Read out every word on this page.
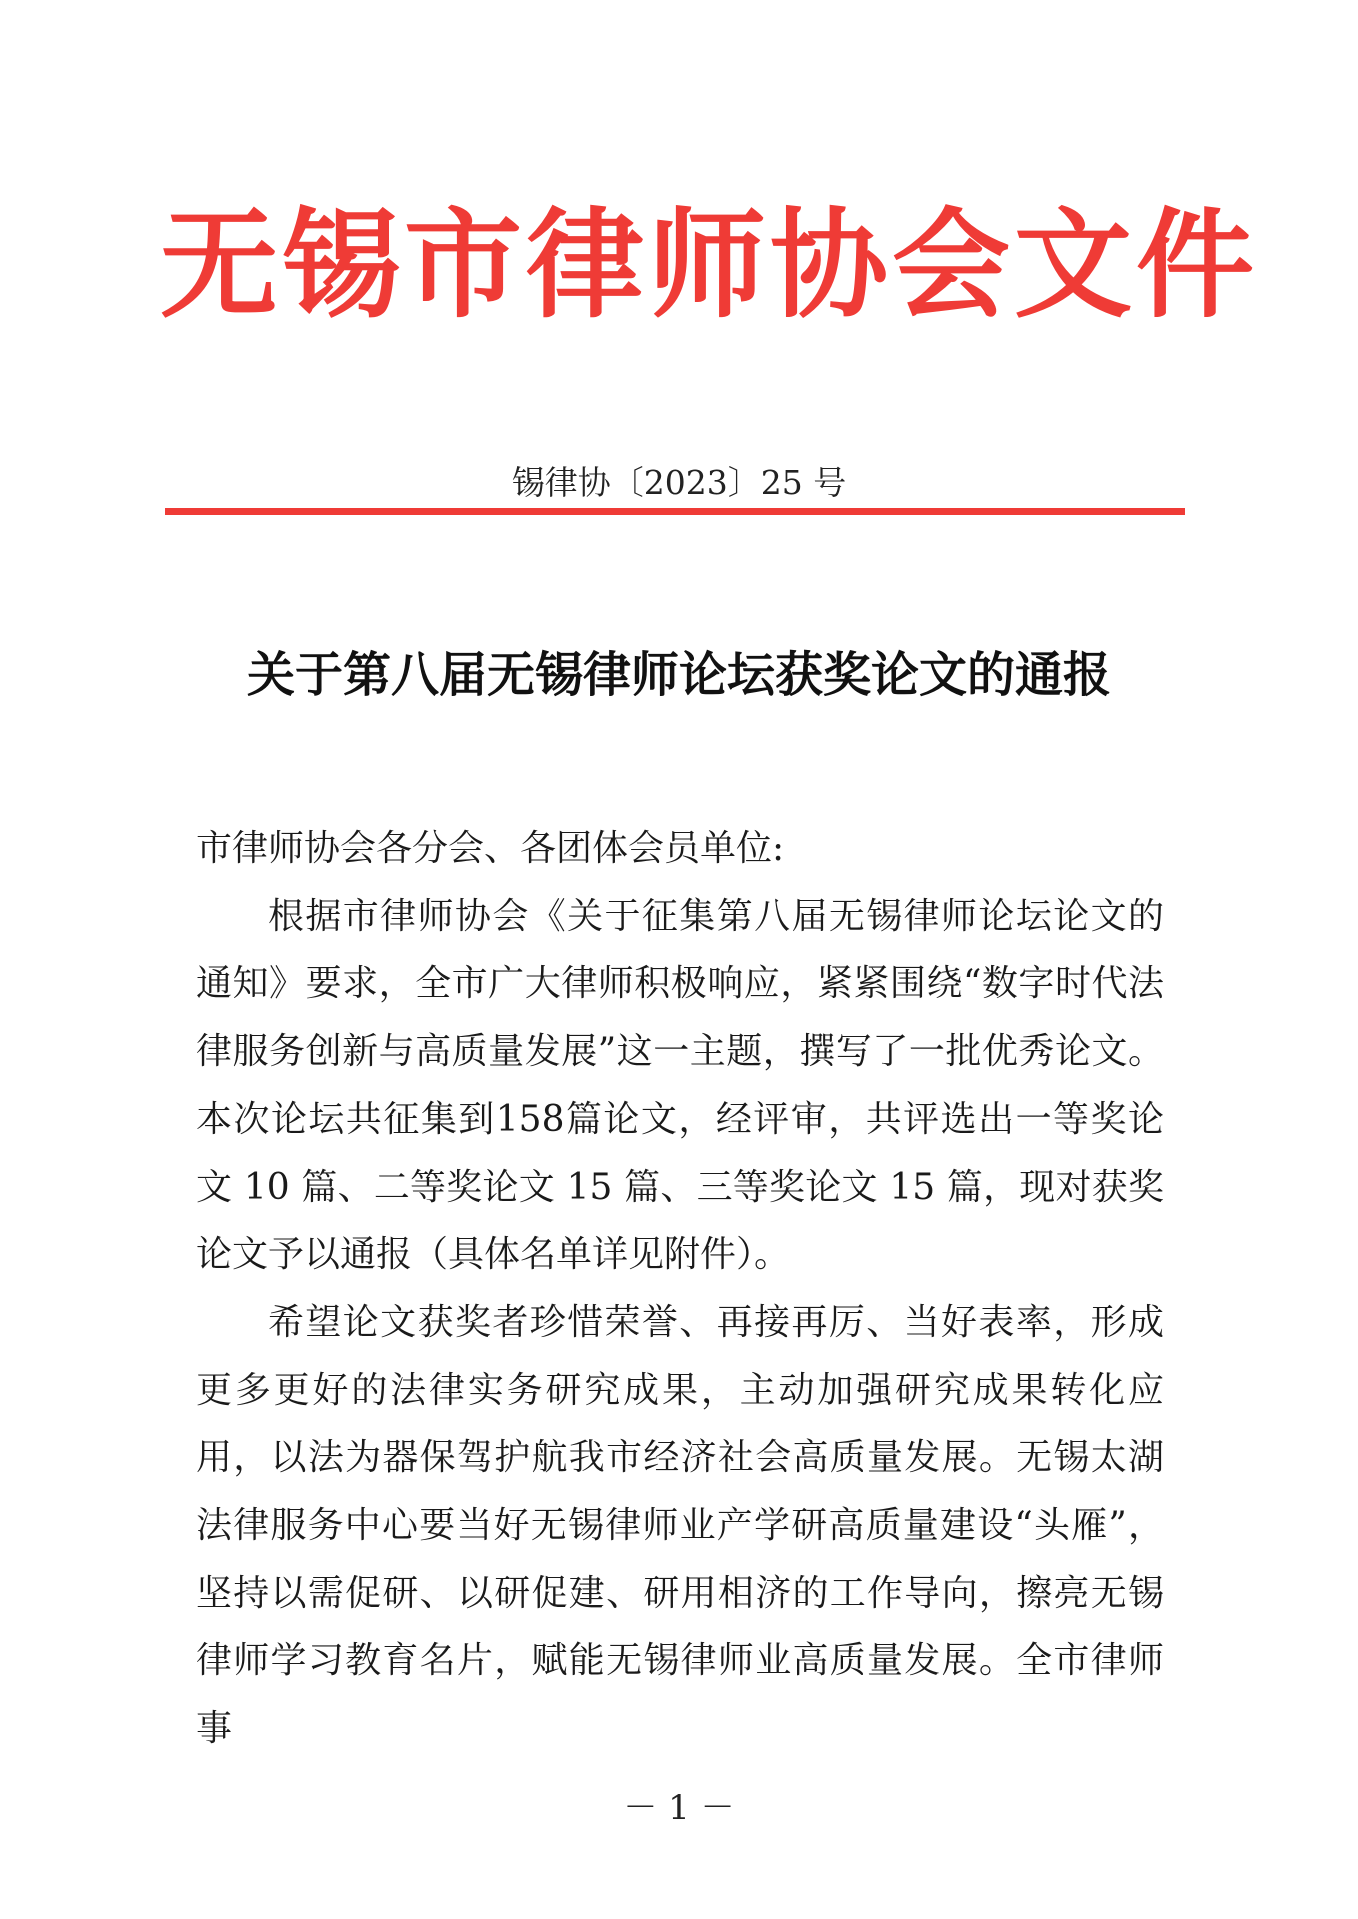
无锡市律师协会文件
锡律协〔2023〕25 号
关于第八届无锡律师论坛获奖论文的通报

市律师协会各分会、各团体会员单位:

根据市律师协会《关于征集第八届无锡律师论坛论文的通知》要求，全市广大律师积极响应，紧紧围绕“数字时代法律服务创新与高质量发展”这一主题，撰写了一批优秀论文。本次论坛共征集到158篇论文，经评审，共评选出一等奖论文 10 篇、二等奖论文 15 篇、三等奖论文 15 篇，现对获奖论文予以通报（具体名单详见附件）。

希望论文获奖者珍惜荣誉、再接再厉、当好表率，形成更多更好的法律实务研究成果，主动加强研究成果转化应用，以法为器保驾护航我市经济社会高质量发展。无锡太湖法律服务中心要当好无锡律师业产学研高质量建设“头雁”，坚持以需促研、以研促建、研用相济的工作导向，擦亮无锡律师学习教育名片，赋能无锡律师业高质量发展。全市律师事

－ 1 －
